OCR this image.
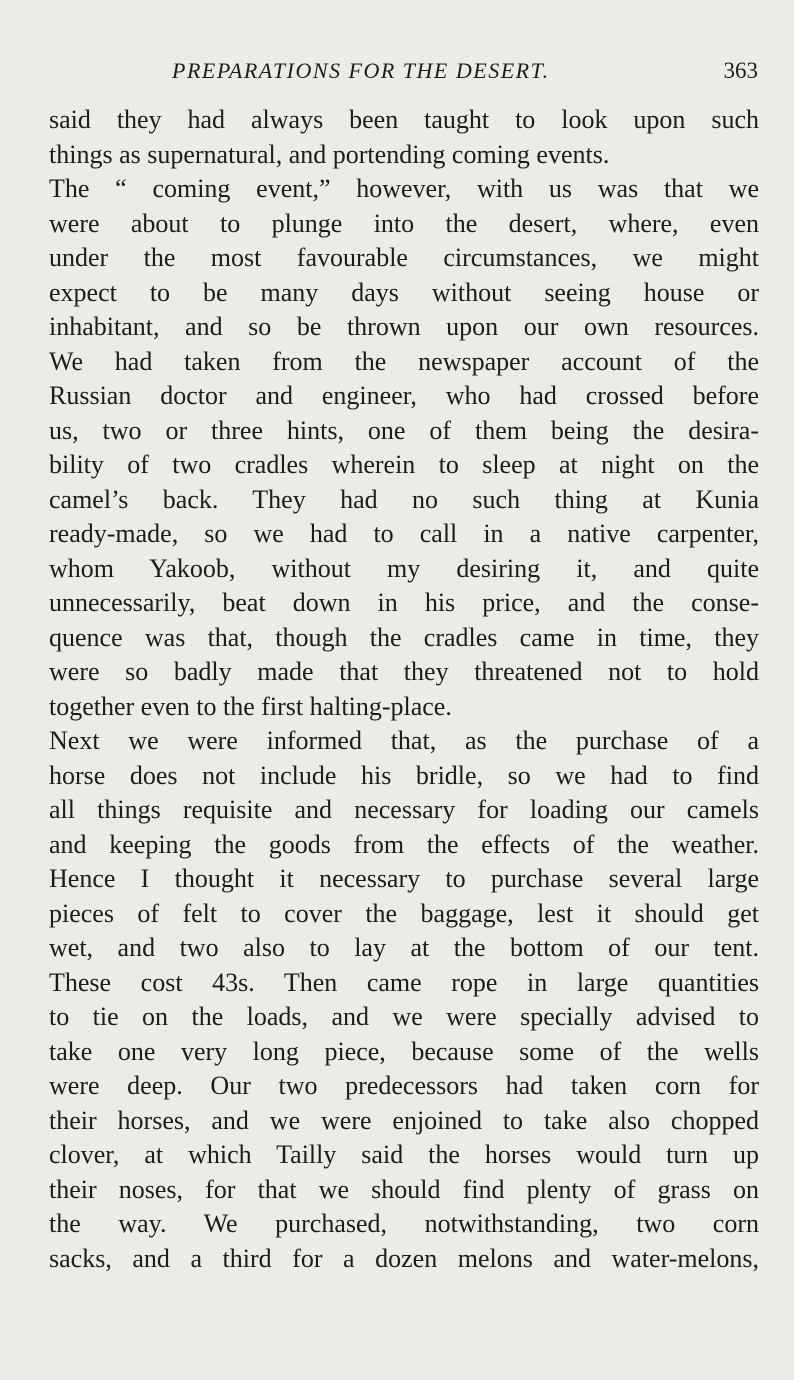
PREPARATIONS FOR THE DESERT.	363
said they had always been taught to look upon such
things as supernatural, and portending coming events.
The “ coming event,” however, with us was that we
were about to plunge into the desert, where, even
under the most favourable circumstances, we might
expect to be many days without seeing house or
inhabitant, and so be thrown upon our own resources.
We had taken from the newspaper account of the
Russian doctor and engineer, who had crossed before
us, two or three hints, one of them being the desira-
bility of two cradles wherein to sleep at night on the
camel’s back. They had no such thing at Kunia
ready-made, so we had to call in a native carpenter,
whom Yakoob, without my desiring it, and quite
unnecessarily, beat down in his price, and the conse-
quence was that, though the cradles came in time, they
were so badly made that they threatened not to hold
together even to the first halting-place.
Next we were informed that, as the purchase of a
horse does not include his bridle, so we had to find
all things requisite and necessary for loading our camels
and keeping the goods from the effects of the weather.
Hence I thought it necessary to purchase several large
pieces of felt to cover the baggage, lest it should get
wet, and two also to lay at the bottom of our tent.
These cost 43s. Then came rope in large quantities
to tie on the loads, and we were specially advised to
take one very long piece, because some of the wells
were deep. Our two predecessors had taken corn for
their horses, and we were enjoined to take also chopped
clover, at which Tailly said the horses would turn up
their noses, for that we should find plenty of grass on
the way. We purchased, notwithstanding, two corn
sacks, and a third for a dozen melons and water-melons,
